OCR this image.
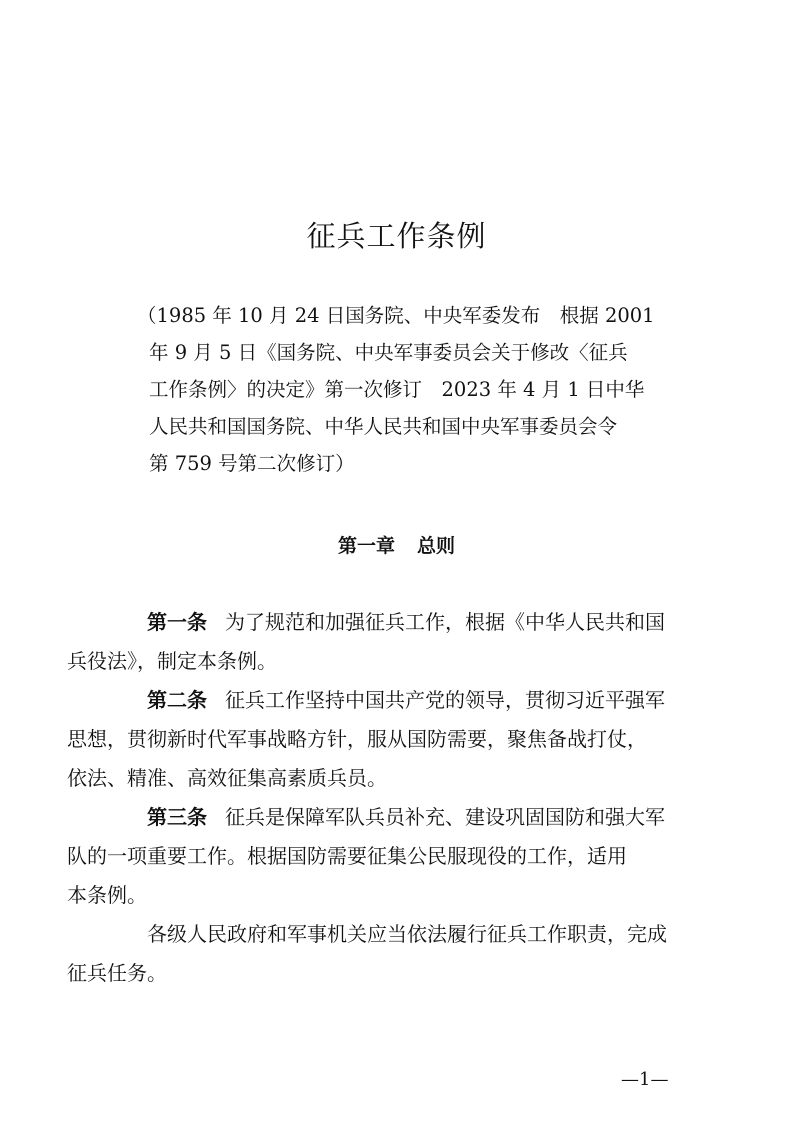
征兵工作条例
（1985 年 10 月 24 日国务院、中央军委发布　根据 2001
年 9 月 5 日《国务院、中央军事委员会关于修改〈征兵
工作条例〉的决定》第一次修订　2023 年 4 月 1 日中华
人民共和国国务院、中华人民共和国中央军事委员会令
第 759 号第二次修订）
第一章 总则

第一条 为了规范和加强征兵工作，根据《中华人民共和国
兵役法》，制定本条例。

第二条 征兵工作坚持中国共产党的领导，贯彻习近平强军
思想，贯彻新时代军事战略方针，服从国防需要，聚焦备战打仗，
依法、精准、高效征集高素质兵员。

第三条 征兵是保障军队兵员补充、建设巩固国防和强大军
队的一项重要工作。根据国防需要征集公民服现役的工作，适用
本条例。

各级人民政府和军事机关应当依法履行征兵工作职责，完成
征兵任务。

—1—
